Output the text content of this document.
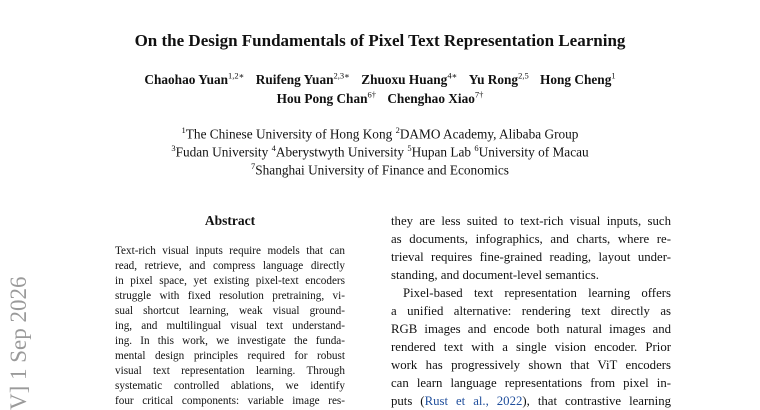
On the Design Fundamentals of Pixel Text Representation Learning
Chaohao Yuan$^{1,2∗}$ Ruifeng Yuan$^{2,3∗}$ Zhuoxu Huang$^{4∗}$ Yu Rong$^{2,5}$ Hong Cheng$^1$
Hou Pong Chan$^{6\dagger}$ Chenghao Xiao$^{7\dagger}$
$^1$The Chinese University of Hong Kong $^2$DAMO Academy, Alibaba Group
$^3$Fudan University $^4$Aberystwyth University $^5$Hupan Lab $^6$University of Macau
$^7$Shanghai University of Finance and Economics
Abstract
Text-rich visual inputs require models that can
read, retrieve, and compress language directly
in pixel space, yet existing pixel-text encoders
struggle with fixed resolution pretraining, vi-
sual shortcut learning, weak visual ground-
ing, and multilingual visual text understand-
ing. In this work, we investigate the funda-
mental design principles required for robust
visual text representation learning. Through
systematic controlled ablations, we identify
four critical components: variable image res-
they are less suited to text-rich visual inputs, such
as documents, infographics, and charts, where re-
trieval requires fine-grained reading, layout under-
standing, and document-level semantics.
Pixel-based text representation learning offers
a unified alternative: rendering text directly as
RGB images and encode both natural images and
rendered text with a single vision encoder. Prior
work has progressively shown that ViT encoders
can learn language representations from pixel in-
puts (Rust et al., 2022), that contrastive learning
V] 1 Sep 2026
